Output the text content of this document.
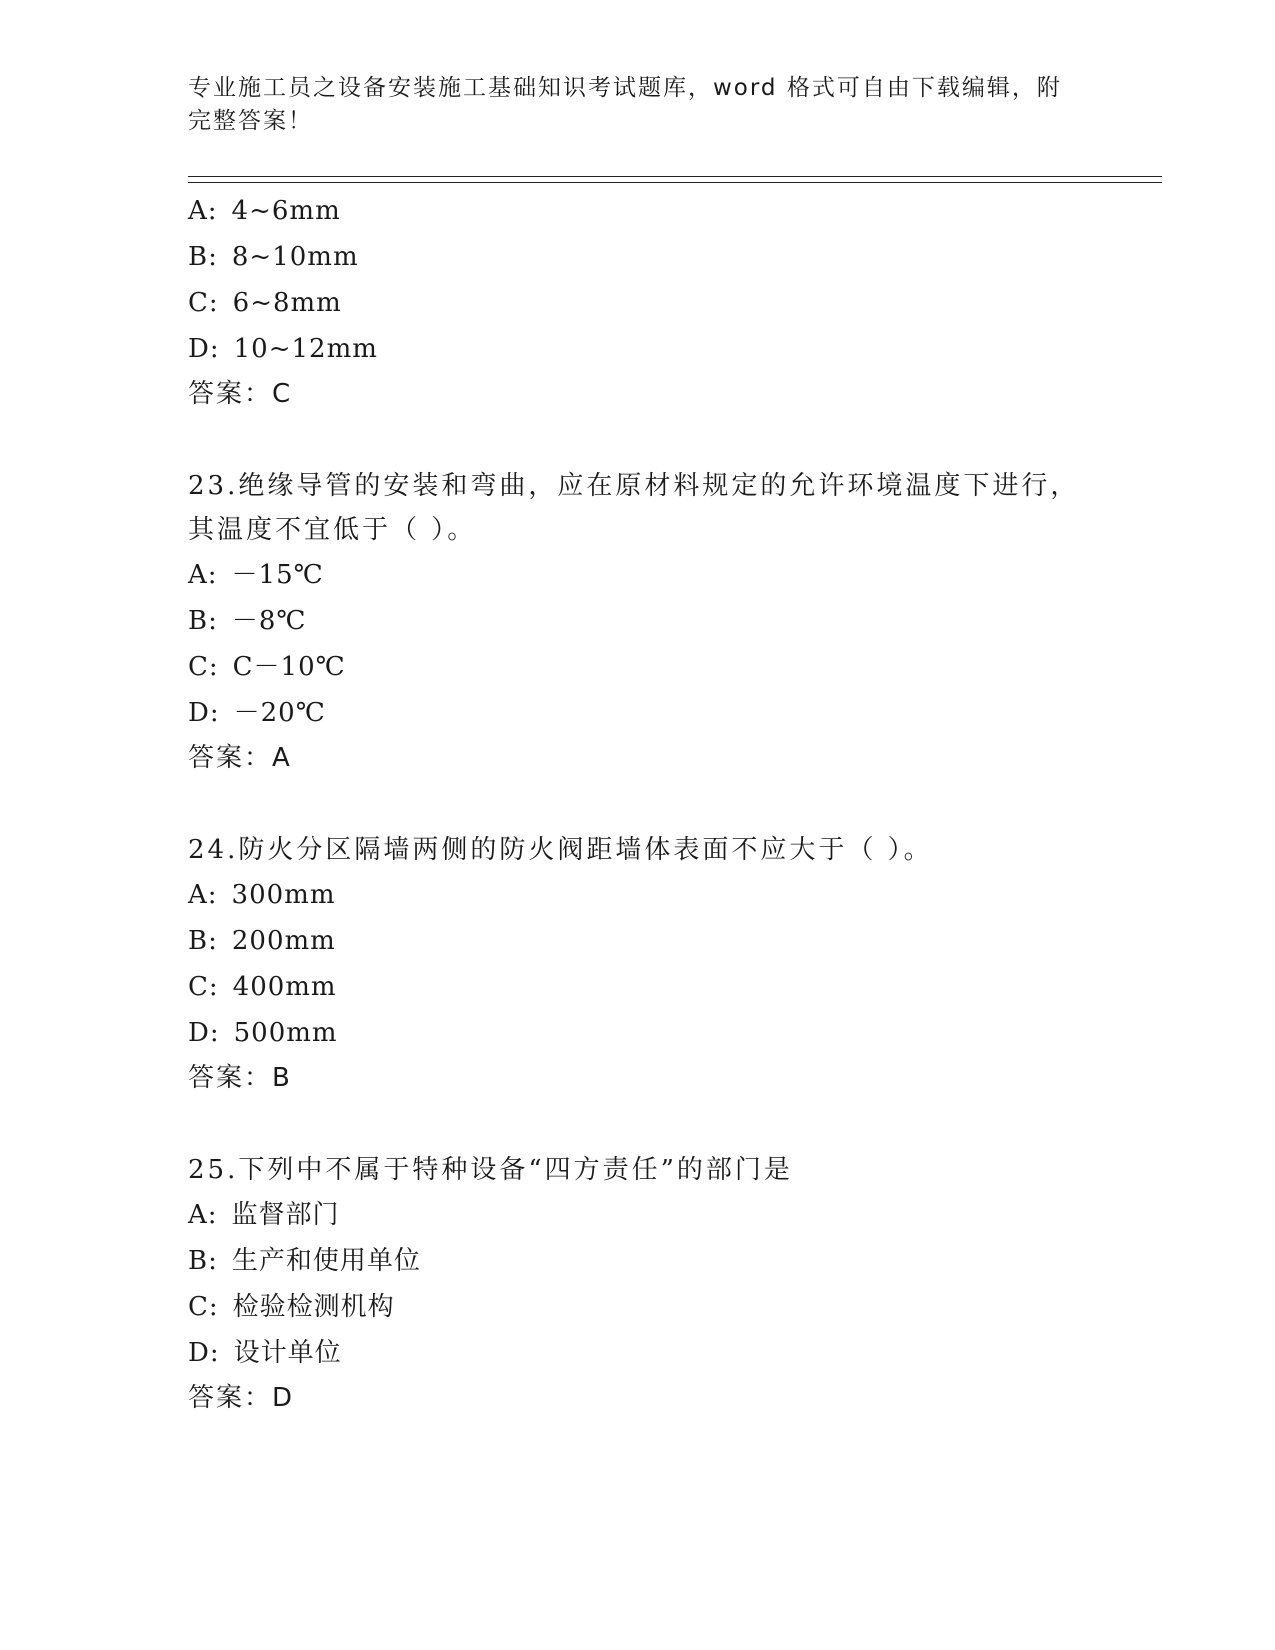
专业施工员之设备安装施工基础知识考试题库，word 格式可自由下载编辑，附完整答案！

A: 4~6mm

B: 8~10mm

C: 6~8mm

D: 10~12mm

答案：C

23.绝缘导管的安装和弯曲，应在原材料规定的允许环境温度下进行，其温度不宜低于（ ）。

A: －15℃

B: －8℃

C: C－10℃

D: －20℃

答案：A

24.防火分区隔墙两侧的防火阀距墙体表面不应大于（ ）。

A: 300mm

B: 200mm

C: 400mm

D: 500mm

答案：B

25.下列中不属于特种设备“四方责任”的部门是

A: 监督部门

B: 生产和使用单位

C: 检验检测机构

D: 设计单位

答案：D
